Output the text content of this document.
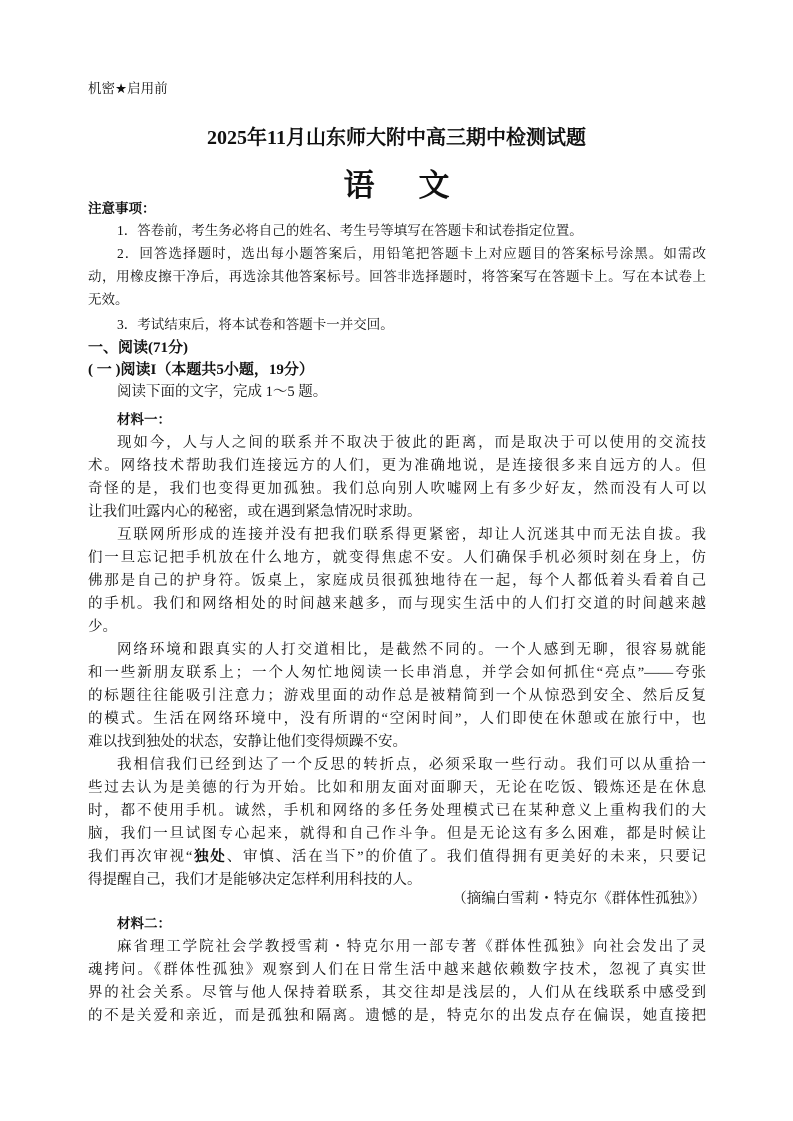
机密★启用前
2025年11月山东师大附中高三期中检测试题
语 文
注意事项：
1．答卷前，考生务必将自己的姓名、考生号等填写在答题卡和试卷指定位置。
2．回答选择题时，选出每小题答案后，用铅笔把答题卡上对应题目的答案标号涂黑。如需改
动，用橡皮擦干净后，再选涂其他答案标号。回答非选择题时，将答案写在答题卡上。写在本试卷上
无效。
3．考试结束后，将本试卷和答题卡一并交回。
一、阅读(71分)
( 一 )阅读I（本题共5小题，19分）
阅读下面的文字，完成 1～5 题。
材料一：
现如今，人与人之间的联系并不取决于彼此的距离，而是取决于可以使用的交流技
术。网络技术帮助我们连接远方的人们，更为准确地说，是连接很多来自远方的人。但
奇怪的是，我们也变得更加孤独。我们总向别人吹嘘网上有多少好友，然而没有人可以
让我们吐露内心的秘密，或在遇到紧急情况时求助。
互联网所形成的连接并没有把我们联系得更紧密，却让人沉迷其中而无法自拔。我
们一旦忘记把手机放在什么地方，就变得焦虑不安。人们确保手机必须时刻在身上，仿
佛那是自己的护身符。饭桌上，家庭成员很孤独地待在一起，每个人都低着头看着自己
的手机。我们和网络相处的时间越来越多，而与现实生活中的人们打交道的时间越来越
少。
网络环境和跟真实的人打交道相比，是截然不同的。一个人感到无聊，很容易就能
和一些新朋友联系上；一个人匆忙地阅读一长串消息，并学会如何抓住“亮点”——夸张
的标题往往能吸引注意力；游戏里面的动作总是被精简到一个从惊恐到安全、然后反复
的模式。生活在网络环境中，没有所谓的“空闲时间”，人们即使在休憩或在旅行中，也
难以找到独处的状态，安静让他们变得烦躁不安。
我相信我们已经到达了一个反思的转折点，必须采取一些行动。我们可以从重拾一
些过去认为是美德的行为开始。比如和朋友面对面聊天，无论在吃饭、锻炼还是在休息
时，都不使用手机。诚然，手机和网络的多任务处理模式已在某种意义上重构我们的大
脑，我们一旦试图专心起来，就得和自己作斗争。但是无论这有多么困难，都是时候让
我们再次审视“独处、审慎、活在当下”的价值了。我们值得拥有更美好的未来，只要记
得提醒自己，我们才是能够决定怎样利用科技的人。
（摘编白雪莉・特克尔《群体性孤独》）
材料二：
麻省理工学院社会学教授雪莉・特克尔用一部专著《群体性孤独》向社会发出了灵
魂拷问。《群体性孤独》观察到人们在日常生活中越来越依赖数字技术，忽视了真实世
界的社会关系。尽管与他人保持着联系，其交往却是浅层的，人们从在线联系中感受到
的不是关爱和亲近，而是孤独和隔离。遗憾的是，特克尔的出发点存在偏误，她直接把
